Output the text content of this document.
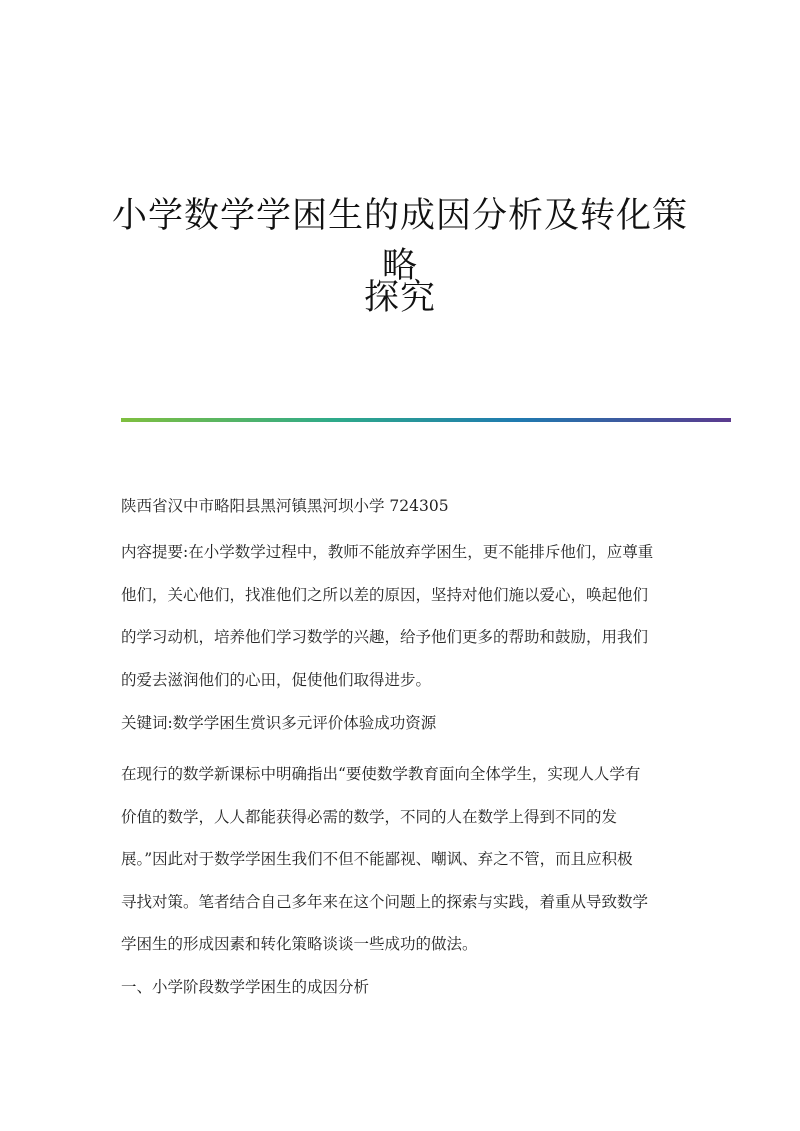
小学数学学困生的成因分析及转化策略
探究

陕西省汉中市略阳县黑河镇黑河坝小学 724305

内容提要:在小学数学过程中，教师不能放弃学困生，更不能排斥他们，应尊重
他们，关心他们，找准他们之所以差的原因，坚持对他们施以爱心，唤起他们
的学习动机，培养他们学习数学的兴趣，给予他们更多的帮助和鼓励，用我们
的爱去滋润他们的心田，促使他们取得进步。

关键词:数学学困生赏识多元评价体验成功资源

在现行的数学新课标中明确指出“要使数学教育面向全体学生，实现人人学有
价值的数学，人人都能获得必需的数学，不同的人在数学上得到不同的发
展。”因此对于数学学困生我们不但不能鄙视、嘲讽、弃之不管，而且应积极
寻找对策。笔者结合自己多年来在这个问题上的探索与实践，着重从导致数学
学困生的形成因素和转化策略谈谈一些成功的做法。

一、小学阶段数学学困生的成因分析
